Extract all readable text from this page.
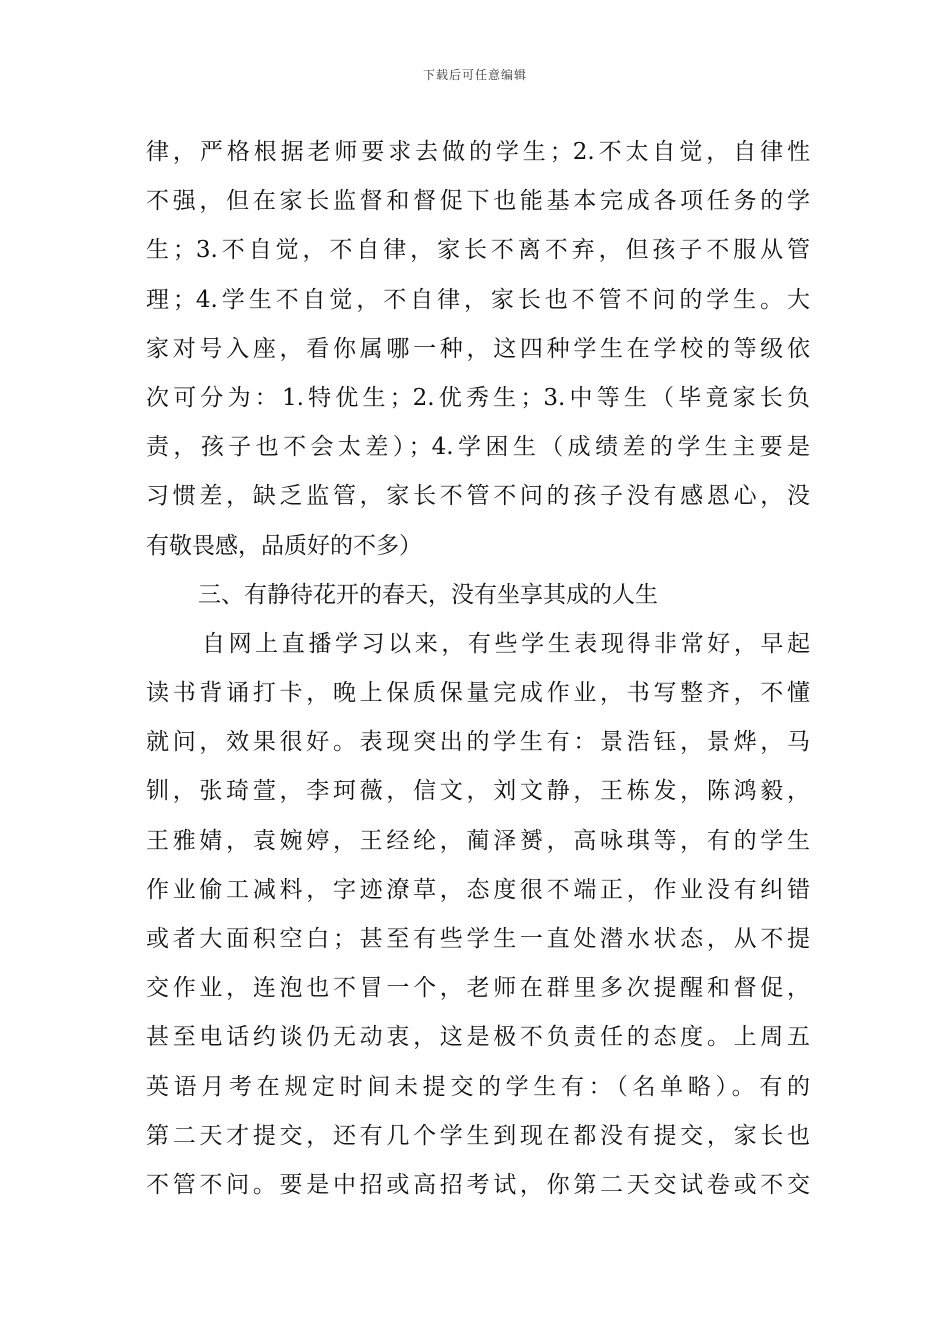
下载后可任意编辑
律，严格根据老师要求去做的学生；2.不太自觉，自律性
不强，但在家长监督和督促下也能基本完成各项任务的学
生；3.不自觉，不自律，家长不离不弃，但孩子不服从管
理；4.学生不自觉，不自律，家长也不管不问的学生。大
家对号入座，看你属哪一种，这四种学生在学校的等级依
次可分为：1.特优生；2.优秀生；3.中等生（毕竟家长负
责，孩子也不会太差）；4.学困生（成绩差的学生主要是
习惯差，缺乏监管，家长不管不问的孩子没有感恩心，没
有敬畏感，品质好的不多）
三、有静待花开的春天，没有坐享其成的人生
自网上直播学习以来，有些学生表现得非常好，早起
读书背诵打卡，晚上保质保量完成作业，书写整齐，不懂
就问，效果很好。表现突出的学生有：景浩钰，景烨，马
钏，张琦萱，李珂薇，信文，刘文静，王栋发，陈鸿毅，
王雅婧，袁婉婷，王经纶，蔺泽赟，高咏琪等，有的学生
作业偷工减料，字迹潦草，态度很不端正，作业没有纠错
或者大面积空白；甚至有些学生一直处潜水状态，从不提
交作业，连泡也不冒一个，老师在群里多次提醒和督促，
甚至电话约谈仍无动衷，这是极不负责任的态度。上周五
英语月考在规定时间未提交的学生有：（名单略）。有的
第二天才提交，还有几个学生到现在都没有提交，家长也
不管不问。要是中招或高招考试，你第二天交试卷或不交
